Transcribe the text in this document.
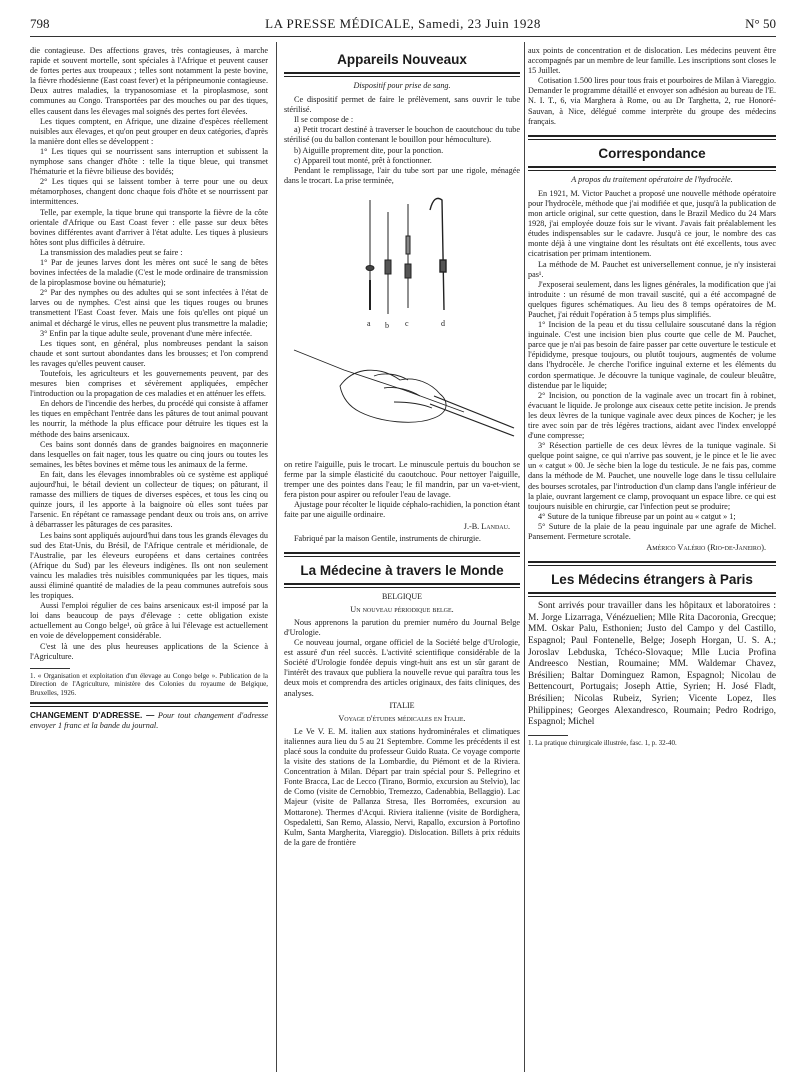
798	LA PRESSE MÉDICALE, Samedi, 23 Juin 1928	N° 50

die contagieuse. Des affections graves, très contagieuses, à marche rapide et souvent mortelle, sont spéciales à l'Afrique et peuvent causer de fortes pertes aux troupeaux ; telles sont notamment la peste bovine, la fièvre rhodésienne (East coast fever) et la péripneumonie contagieuse. Deux autres maladies, la trypanosomiase et la piroplasmose, sont communes au Congo. Transportées par des mouches ou par des tiques, elles causent dans les élevages mal soignés des pertes fort élevées.

Les tiques comptent, en Afrique, une dizaine d'espèces réellement nuisibles aux élevages, et qu'on peut grouper en deux catégories, d'après la manière dont elles se développent :

1° Les tiques qui se nourrissent sans interruption et subissent la nymphose sans changer d'hôte : telle la tique bleue, qui transmet l'hématurie et la fièvre bilieuse des bovidés;

2° Les tiques qui se laissent tomber à terre pour une ou deux métamorphoses, changent donc chaque fois d'hôte et se nourrissent par intermittences.

Telle, par exemple, la tique brune qui transporte la fièvre de la côte orientale d'Afrique ou East Coast fever : elle passe sur deux bêtes bovines différentes avant d'arriver à l'état adulte. Les tiques à plusieurs hôtes sont plus difficiles à détruire.

La transmission des maladies peut se faire :

1° Par de jeunes larves dont les mères ont sucé le sang de bêtes bovines infectées de la maladie (C'est le mode ordinaire de transmission de la piroplasmose bovine ou hématurie);

2° Par des nymphes ou des adultes qui se sont infectées à l'état de larves ou de nymphes. C'est ainsi que les tiques rouges ou brunes transmettent l'East Coast fever. Mais une fois qu'elles ont piqué un animal et déchargé le virus, elles ne peuvent plus transmettre la maladie;

3° Enfin par la tique adulte seule, provenant d'une mère infectée.

Les tiques sont, en général, plus nombreuses pendant la saison chaude et sont surtout abondantes dans les brousses; et l'on comprend les ravages qu'elles peuvent causer.

Toutefois, les agriculteurs et les gouvernements peuvent, par des mesures bien comprises et sévèrement appliquées, empêcher l'introduction ou la propagation de ces maladies et en atténuer les effets.

En dehors de l'incendie des herbes, du procédé qui consiste à affamer les tiques en empêchant l'entrée dans les pâtures de tout animal pouvant les nourrir, la méthode la plus efficace pour détruire les tiques est la méthode des bains arsenicaux.

Ces bains sont donnés dans de grandes baignoires en maçonnerie dans lesquelles on fait nager, tous les quatre ou cinq jours ou toutes les semaines, les bêtes bovines et même tous les animaux de la ferme.

En fait, dans les élevages innombrables où ce système est appliqué aujourd'hui, le bétail devient un collecteur de tiques; on pâturant, il ramasse des milliers de tiques de diverses espèces, et tous les cinq ou quinze jours, il les apporte à la baignoire où elles sont tuées par l'arsenic. En répétant ce ramassage pendant deux ou trois ans, on arrive à débarrasser les pâturages de ces parasites.

Les bains sont appliqués aujourd'hui dans tous les grands élevages du sud des Etat-Unis, du Brésil, de l'Afrique centrale et méridionale, de l'Australie, par les éleveurs européens et dans certaines contrées (Afrique du Sud) par les éleveurs indigènes. Ils ont non seulement vaincu les maladies très nuisibles communiquées par les tiques, mais aussi éliminé quantité de maladies de la peau communes autrefois sous les tropiques.

Aussi l'emploi régulier de ces bains arsenicaux est-il imposé par la loi dans beaucoup de pays d'élevage : cette obligation existe actuellement au Congo belge¹, où grâce à lui l'élevage est actuellement en voie de développement considérable.

C'est là une des plus heureuses applications de la Science à l'Agriculture.

1. « Organisation et exploitation d'un élevage au Congo belge ». Publication de la Direction de l'Agriculture, ministère des Colonies du royaume de Belgique, Bruxelles, 1926.

CHANGEMENT D'ADRESSE. — Pour tout changement d'adresse envoyer 1 franc et la bande du journal.

Appareils Nouveaux
Dispositif pour prise de sang.

Ce dispositif permet de faire le prélèvement, sans ouvrir le tube stérilisé.

Il se compose de :

a) Petit trocart destiné à traverser le bouchon de caoutchouc du tube stérilisé (ou du ballon contenant le bouillon pour hémoculture).

b) Aiguille proprement dite, pour la ponction.

c) Appareil tout monté, prêt à fonctionner.

Pendant le remplissage, l'air du tube sort par une rigole, ménagée dans le trocart. La prise terminée,

a b c	d

on retire l'aiguille, puis le trocart. Le minuscule pertuis du bouchon se ferme par la simple élasticité du caoutchouc. Pour nettoyer l'aiguille, tremper une des pointes dans l'eau; le fil mandrin, par un va-et-vient, fera piston pour aspirer ou refouler l'eau de lavage.

Ajustage pour récolter le liquide céphalo-rachidien, la ponction étant faite par une aiguille ordinaire.

J.-B. Landau.

Fabriqué par la maison Gentile, instruments de chirurgie.

La Médecine à travers le Monde
BELGIQUE
Un nouveau périodique belge.

Nous apprenons la parution du premier numéro du Journal Belge d'Urologie.

Ce nouveau journal, organe officiel de la Société belge d'Urologie, est assuré d'un réel succès. L'activité scientifique considérable de la Société d'Urologie fondée depuis vingt-huit ans est un sûr garant de l'intérêt des travaux que publiera la nouvelle revue qui paraîtra tous les deux mois et comprendra des articles originaux, des faits cliniques, des analyses.

ITALIE
Voyage d'études médicales en Italie.

Le Ve V. E. M. italien aux stations hydrominérales et climatiques italiennes aura lieu du 5 au 21 Septembre. Comme les précédents il est placé sous la conduite du professeur Guido Ruata. Ce voyage comporte la visite des stations de la Lombardie, du Piémont et de la Riviera. Concentration à Milan. Départ par train spécial pour S. Pellegrino et Fonte Bracca, Lac de Lecco (Tirano, Bormio, excursion au Stelvio), lac de Como (visite de Cernobbio, Tremezzo, Cadenabbia, Bellaggio). Lac Majeur (visite de Pallanza Stresa, Iles Borromées, excursion au Mottarone). Thermes d'Acqui. Riviera italienne (visite de Bordighera, Ospedaletti, San Remo, Alassio, Nervi, Rapallo, excursion à Portofino Kulm, Santa Margherita, Viareggio). Dislocation. Billets à prix réduits de la gare de frontière

aux points de concentration et de dislocation. Les médecins peuvent être accompagnés par un membre de leur famille. Les inscriptions sont closes le 15 Juillet.

Cotisation 1.500 lires pour tous frais et pourboires de Milan à Viareggio. Demander le programme détaillé et envoyer son adhésion au bureau de l'E. N. I. T., 6, via Marghera à Rome, ou au Dr Targhetta, 2, rue Honoré-Sauvan, à Nice, délégué comme interprète du groupe des médecins français.

Correspondance
A propos du traitement opératoire de l'hydrocèle.

En 1921, M. Victor Pauchet a proposé une nouvelle méthode opératoire pour l'hydrocèle, méthode que j'ai modifiée et que, jusqu'à la publication de mon article original, sur cette question, dans le Brazil Medico du 24 Mars 1928, j'ai employée douze fois sur le vivant. J'avais fait préalablement les études indispensables sur le cadavre. Jusqu'à ce jour, le nombre des cas monte déjà à une vingtaine dont les résultats ont été excellents, tous avec cicatrisation per primam intentionem.

La méthode de M. Pauchet est universellement connue, je n'y insisterai pas¹.

J'exposerai seulement, dans les lignes générales, la modification que j'ai introduite : un résumé de mon travail suscité, qui a été accompagné de quelques figures schématiques. Au lieu des 8 temps opératoires de M. Pauchet, j'ai réduit l'opération à 5 temps plus simplifiés.

1° Incision de la peau et du tissu cellulaire souscutané dans la région inguinale. C'est une incision bien plus courte que celle de M. Pauchet, parce que je n'ai pas besoin de faire passer par cette ouverture le testicule et l'épididyme, presque toujours, ou plutôt toujours, augmentés de volume dans l'hydrocèle. Je cherche l'orifice inguinal externe et les éléments du cordon spermatique. Je découvre la tunique vaginale, de couleur bleuâtre, distendue par le liquide;

2° Incision, ou ponction de la vaginale avec un trocart fin à robinet, évacuant le liquide. Je prolonge aux ciseaux cette petite incision. Je prends les deux lèvres de la tunique vaginale avec deux pinces de Kocher; je les tire avec soin par de très légères tractions, aidant avec l'index enveloppé d'une compresse;

3° Résection partielle de ces deux lèvres de la tunique vaginale. Si quelque point saigne, ce qui n'arrive pas souvent, je le pince et le lie avec un « catgut » 00. Je sèche bien la loge du testicule. Je ne fais pas, comme dans la méthode de M. Pauchet, une nouvelle loge dans le tissu cellulaire des bourses scrotales, par l'introduction d'un clamp dans l'angle inférieur de la plaie, ouvrant largement ce clamp, provoquant un espace libre. ce qui est toujours nuisible en chirurgie, car l'infection peut se produire;

4° Suture de la tunique fibreuse par un point au « catgut » 1;

5° Suture de la plaie de la peau inguinale par une agrafe de Michel. Pansement. Fermeture scrotale.

Américo Valério (Rio-de-Janeiro).
Les Médecins étrangers à Paris

Sont arrivés pour travailler dans les hôpitaux et laboratoires : M. Jorge Lizarraga, Vénézuelien; Mlle Rita Dacoronia, Grecque; MM. Oskar Palu, Esthonien; Justo del Campo y del Castillo, Espagnol; Paul Fontenelle, Belge; Joseph Horgan, U. S. A.; Joroslav Lebduska, Tchéco-Slovaque; Mlle Lucia Profina Andreesco Nestian, Roumaine; MM. Waldemar Chavez, Brésilien; Baltar Dominguez Ramon, Espagnol; Nicolau de Bettencourt, Portugais; Joseph Attie, Syrien; H. José Fladt, Brésilien; Nicolas Rubeiz, Syrien; Vicente Lopez, Iles Philippines; Georges Alexandresco, Roumain; Pedro Rodrigo, Espagnol; Michel

1. La pratique chirurgicale illustrée, fasc. 1, p. 32-40.
